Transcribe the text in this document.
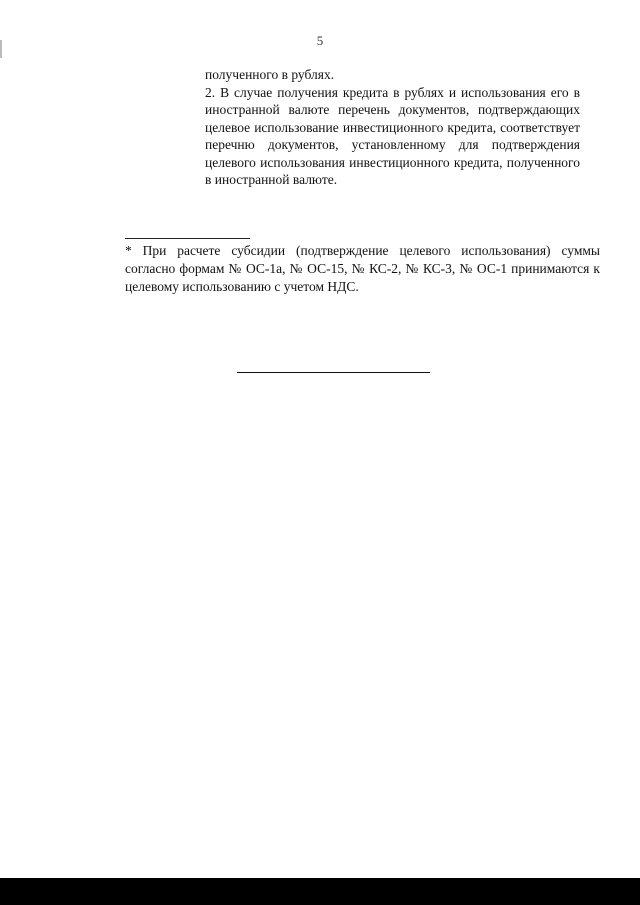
5

полученного в рублях.

2. В случае получения кредита в рублях и использования его в иностранной валюте перечень документов, подтверждающих целевое использование инвестиционного кредита, соответствует перечню документов, установленному для подтверждения целевого использования инвестиционного кредита, полученного в иностранной валюте.

* При расчете субсидии (подтверждение целевого использования) суммы согласно формам № ОС-1а, № ОС-15, № КС-2, № КС-3, № ОС-1 принимаются к целевому использованию с учетом НДС.
